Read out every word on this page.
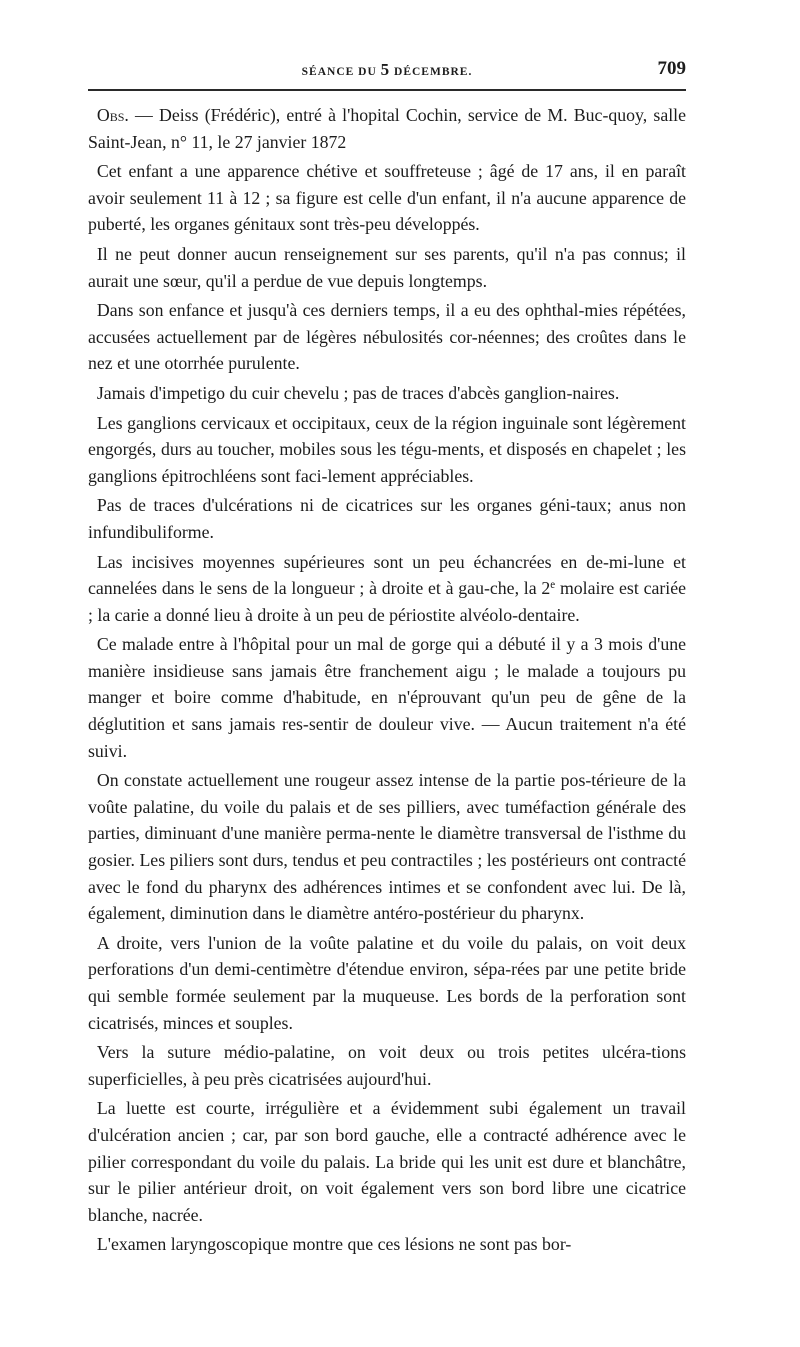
SÉANCE DU 5 DÉCEMBRE.	709

Obs. — Deiss (Frédéric), entré à l'hopital Cochin, service de M. Buc-quoy, salle Saint-Jean, n° 11, le 27 janvier 1872

Cet enfant a une apparence chétive et souffreteuse ; âgé de 17 ans, il en paraît avoir seulement 11 à 12 ; sa figure est celle d'un enfant, il n'a aucune apparence de puberté, les organes génitaux sont très-peu développés.

Il ne peut donner aucun renseignement sur ses parents, qu'il n'a pas connus; il aurait une sœur, qu'il a perdue de vue depuis longtemps.

Dans son enfance et jusqu'à ces derniers temps, il a eu des ophthal-mies répétées, accusées actuellement par de légères nébulosités cor-néennes; des croûtes dans le nez et une otorrhée purulente.

Jamais d'impetigo du cuir chevelu ; pas de traces d'abcès ganglion-naires.

Les ganglions cervicaux et occipitaux, ceux de la région inguinale sont légèrement engorgés, durs au toucher, mobiles sous les tégu-ments, et disposés en chapelet ; les ganglions épitrochléens sont faci-lement appréciables.

Pas de traces d'ulcérations ni de cicatrices sur les organes géni-taux; anus non infundibuliforme.

Las incisives moyennes supérieures sont un peu échancrées en de-mi-lune et cannelées dans le sens de la longueur ; à droite et à gau-che, la 2e molaire est cariée ; la carie a donné lieu à droite à un peu de périostite alvéolo-dentaire.

Ce malade entre à l'hôpital pour un mal de gorge qui a débuté il y a 3 mois d'une manière insidieuse sans jamais être franchement aigu ; le malade a toujours pu manger et boire comme d'habitude, en n'éprouvant qu'un peu de gêne de la déglutition et sans jamais res-sentir de douleur vive. — Aucun traitement n'a été suivi.

On constate actuellement une rougeur assez intense de la partie pos-térieure de la voûte palatine, du voile du palais et de ses pilliers, avec tuméfaction générale des parties, diminuant d'une manière perma-nente le diamètre transversal de l'isthme du gosier. Les piliers sont durs, tendus et peu contractiles ; les postérieurs ont contracté avec le fond du pharynx des adhérences intimes et se confondent avec lui. De là, également, diminution dans le diamètre antéro-postérieur du pharynx.

A droite, vers l'union de la voûte palatine et du voile du palais, on voit deux perforations d'un demi-centimètre d'étendue environ, sépa-rées par une petite bride qui semble formée seulement par la muqueuse. Les bords de la perforation sont cicatrisés, minces et souples.

Vers la suture médio-palatine, on voit deux ou trois petites ulcéra-tions superficielles, à peu près cicatrisées aujourd'hui.

La luette est courte, irrégulière et a évidemment subi également un travail d'ulcération ancien ; car, par son bord gauche, elle a contracté adhérence avec le pilier correspondant du voile du palais. La bride qui les unit est dure et blanchâtre, sur le pilier antérieur droit, on voit également vers son bord libre une cicatrice blanche, nacrée.

L'examen laryngoscopique montre que ces lésions ne sont pas bor-
